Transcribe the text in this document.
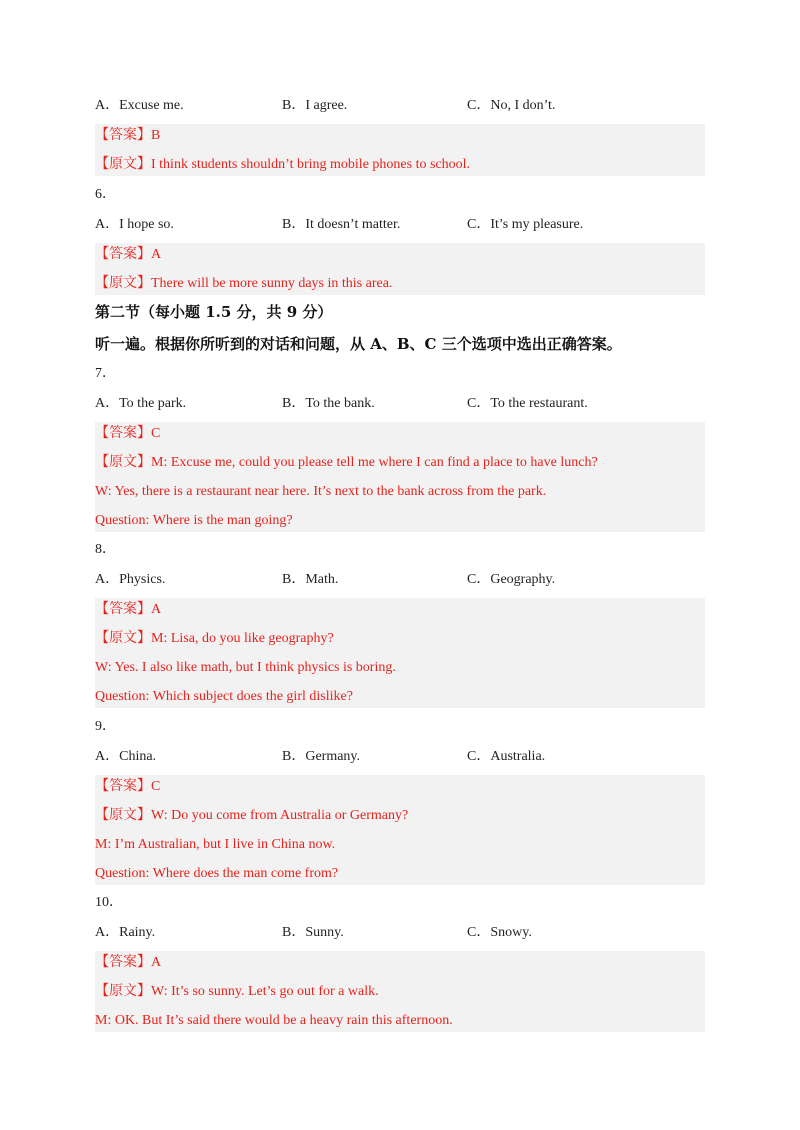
A．Excuse me.	B．I agree.	C．No, I don’t.
【答案】B
【原文】I think students shouldn’t bring mobile phones to school.
6．
A．I hope so.	B．It doesn’t matter.	C．It’s my pleasure.
【答案】A
【原文】There will be more sunny days in this area.
第二节（每小题 1.5 分，共 9 分）
听一遍。根据你所听到的对话和问题，从 A、B、C 三个选项中选出正确答案。
7．
A．To the park.	B．To the bank.	C．To the restaurant.
【答案】C
【原文】M: Excuse me, could you please tell me where I can find a place to have lunch?
W: Yes, there is a restaurant near here. It’s next to the bank across from the park.
Question: Where is the man going?
8．
A．Physics.	B．Math.	C．Geography.
【答案】A
【原文】M: Lisa, do you like geography?
W: Yes. I also like math, but I think physics is boring.
Question: Which subject does the girl dislike?
9．
A．China.	B．Germany.	C．Australia.
【答案】C
【原文】W: Do you come from Australia or Germany?
M: I’m Australian, but I live in China now.
Question: Where does the man come from?
10．
A．Rainy.	B．Sunny.	C．Snowy.
【答案】A
【原文】W: It’s so sunny. Let’s go out for a walk.
M: OK. But It’s said there would be a heavy rain this afternoon.
